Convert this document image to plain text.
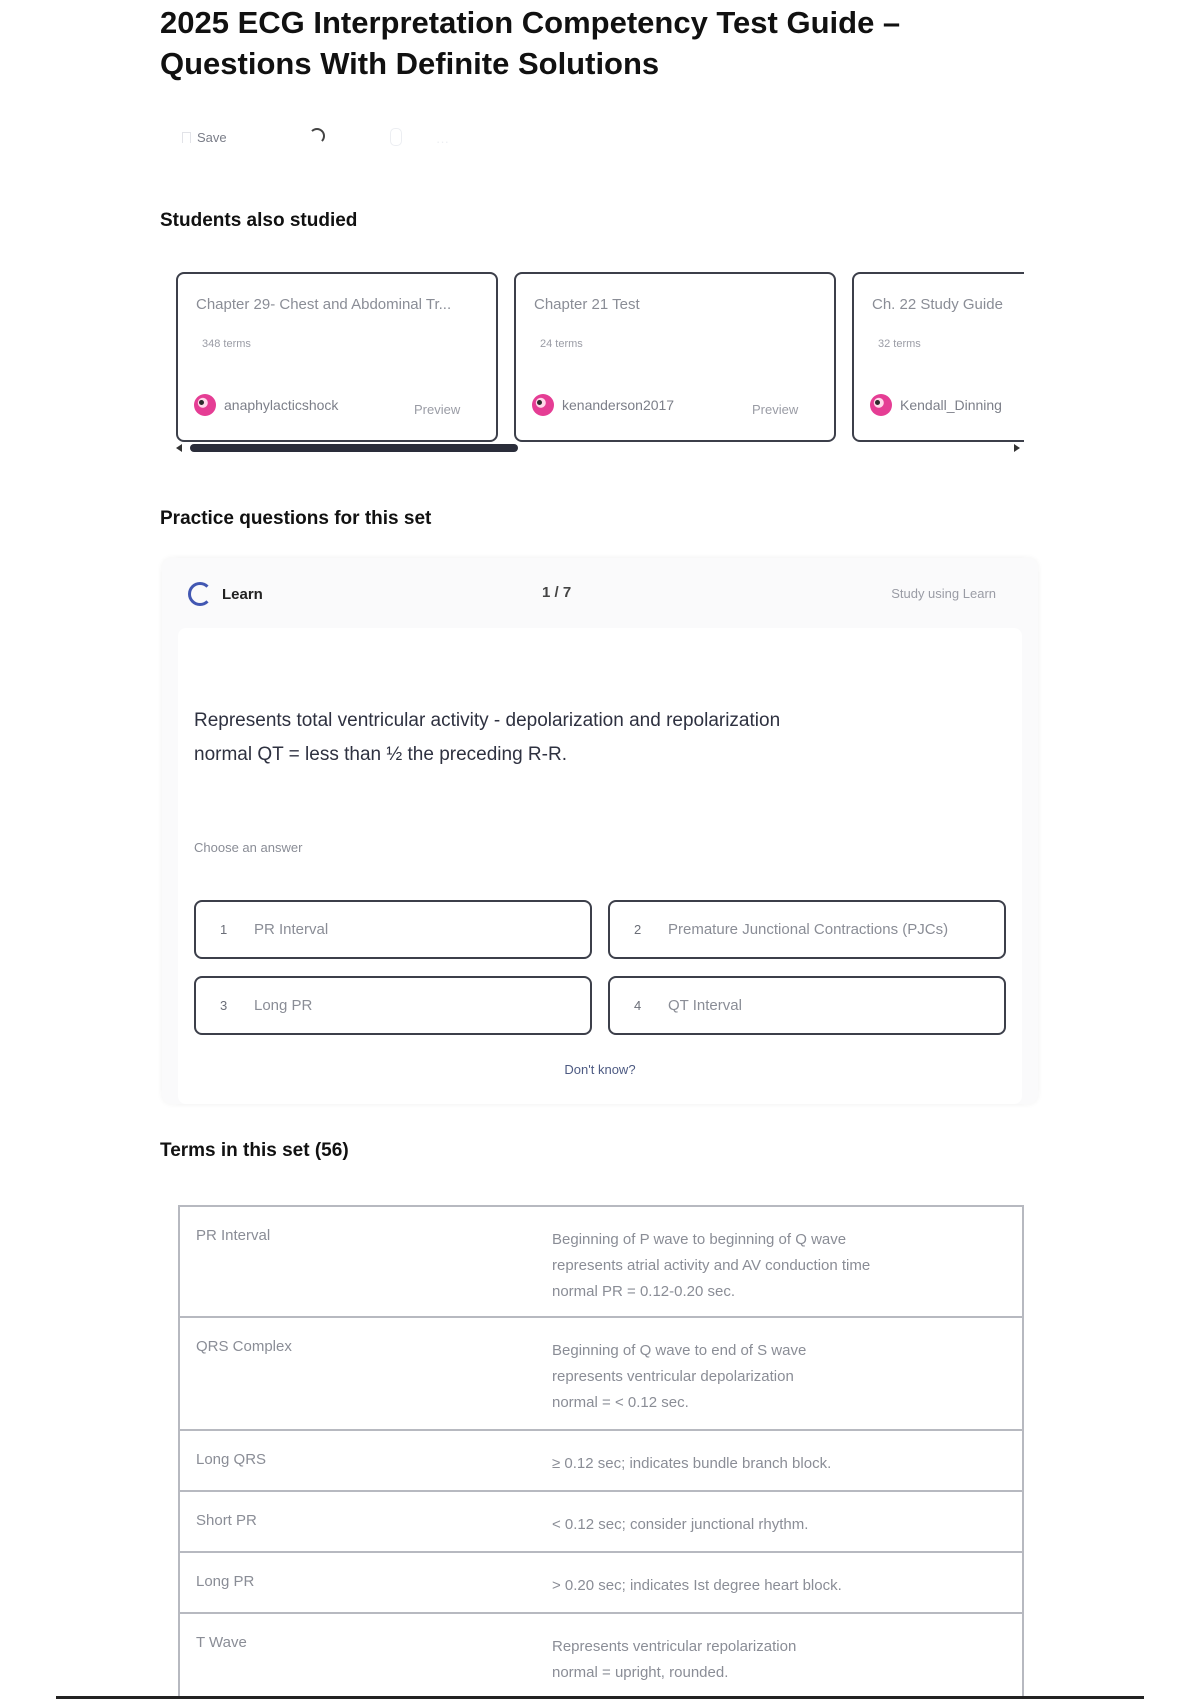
2025 ECG Interpretation Competency Test Guide – Questions With Definite Solutions
Save	···
Students also studied
Chapter 29- Chest and Abdominal Tr...
348 terms
anaphylacticshock	Preview
Chapter 21 Test
24 terms
kenanderson2017	Preview
Ch. 22 Study Guide
32 terms
Kendall_Dinning
Practice questions for this set
Learn	1 / 7	Study using Learn
Represents total ventricular activity - depolarization and repolarization
normal QT = less than ½ the preceding R-R.
Choose an answer
1	PR Interval	2	Premature Junctional Contractions (PJCs)
3	Long PR	4	QT Interval
Don't know?
Terms in this set (56)
PR Interval	Beginning of P wave to beginning of Q wave
represents atrial activity and AV conduction time
normal PR = 0.12-0.20 sec.
QRS Complex	Beginning of Q wave to end of S wave
represents ventricular depolarization
normal = < 0.12 sec.
Long QRS	≥ 0.12 sec; indicates bundle branch block.
Short PR	< 0.12 sec; consider junctional rhythm.
Long PR	> 0.20 sec; indicates Ist degree heart block.
T Wave	Represents ventricular repolarization
normal = upright, rounded.
